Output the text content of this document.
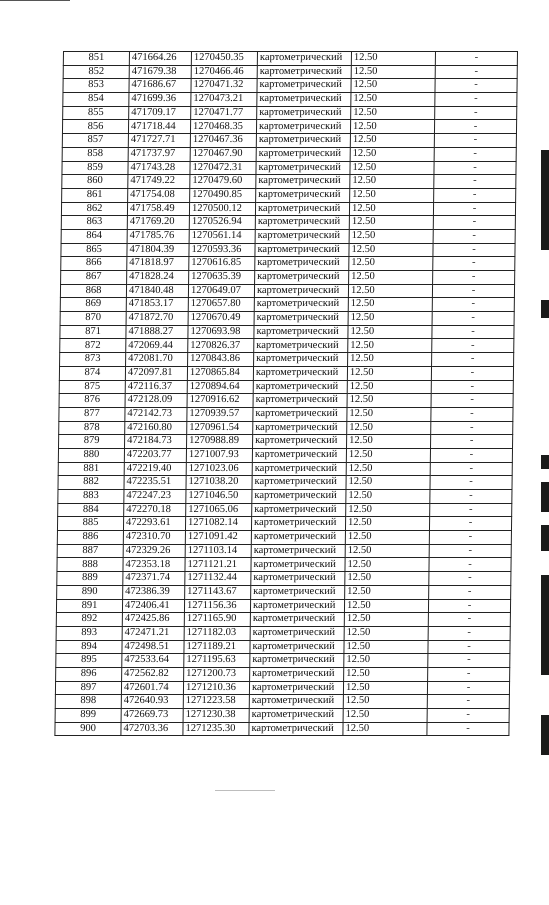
851	471664.26	1270450.35	картометрический	12.50	-
852	471679.38	1270466.46	картометрический	12.50	-
853	471686.67	1270471.32	картометрический	12.50	-
854	471699.36	1270473.21	картометрический	12.50	-
855	471709.17	1270471.77	картометрический	12.50	-
856	471718.44	1270468.35	картометрический	12.50	-
857	471727.71	1270467.36	картометрический	12.50	-
858	471737.97	1270467.90	картометрический	12.50	-
859	471743.28	1270472.31	картометрический	12.50	-
860	471749.22	1270479.60	картометрический	12.50	-
861	471754.08	1270490.85	картометрический	12.50	-
862	471758.49	1270500.12	картометрический	12.50	-
863	471769.20	1270526.94	картометрический	12.50	-
864	471785.76	1270561.14	картометрический	12.50	-
865	471804.39	1270593.36	картометрический	12.50	-
866	471818.97	1270616.85	картометрический	12.50	-
867	471828.24	1270635.39	картометрический	12.50	-
868	471840.48	1270649.07	картометрический	12.50	-
869	471853.17	1270657.80	картометрический	12.50	-
870	471872.70	1270670.49	картометрический	12.50	-
871	471888.27	1270693.98	картометрический	12.50	-
872	472069.44	1270826.37	картометрический	12.50	-
873	472081.70	1270843.86	картометрический	12.50	-
874	472097.81	1270865.84	картометрический	12.50	-
875	472116.37	1270894.64	картометрический	12.50	-
876	472128.09	1270916.62	картометрический	12.50	-
877	472142.73	1270939.57	картометрический	12.50	-
878	472160.80	1270961.54	картометрический	12.50	-
879	472184.73	1270988.89	картометрический	12.50	-
880	472203.77	1271007.93	картометрический	12.50	-
881	472219.40	1271023.06	картометрический	12.50	-
882	472235.51	1271038.20	картометрический	12.50	-
883	472247.23	1271046.50	картометрический	12.50	-
884	472270.18	1271065.06	картометрический	12.50	-
885	472293.61	1271082.14	картометрический	12.50	-
886	472310.70	1271091.42	картометрический	12.50	-
887	472329.26	1271103.14	картометрический	12.50	-
888	472353.18	1271121.21	картометрический	12.50	-
889	472371.74	1271132.44	картометрический	12.50	-
890	472386.39	1271143.67	картометрический	12.50	-
891	472406.41	1271156.36	картометрический	12.50	-
892	472425.86	1271165.90	картометрический	12.50	-
893	472471.21	1271182.03	картометрический	12.50	-
894	472498.51	1271189.21	картометрический	12.50	-
895	472533.64	1271195.63	картометрический	12.50	-
896	472562.82	1271200.73	картометрический	12.50	-
897	472601.74	1271210.36	картометрический	12.50	-
898	472640.93	1271223.58	картометрический	12.50	-
899	472669.73	1271230.38	картометрический	12.50	-
900	472703.36	1271235.30	картометрический	12.50	-
